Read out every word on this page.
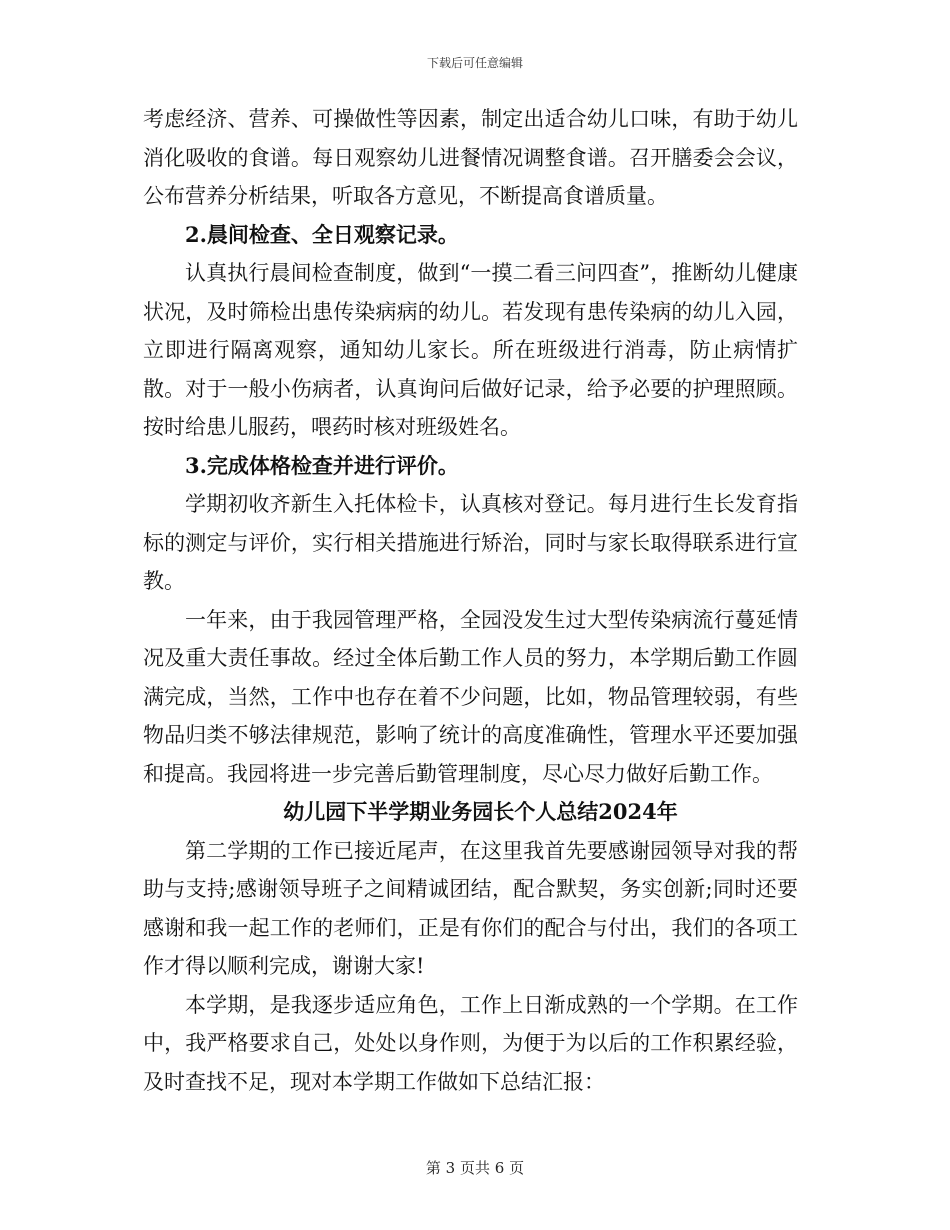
下载后可任意编辑

考虑经济、营养、可操做性等因素，制定出适合幼儿口味，有助于幼儿消化吸收的食谱。每日观察幼儿进餐情况调整食谱。召开膳委会会议，公布营养分析结果，听取各方意见，不断提高食谱质量。

2.晨间检查、全日观察记录。

认真执行晨间检查制度，做到“一摸二看三问四查”，推断幼儿健康状况，及时筛检出患传染病病的幼儿。若发现有患传染病的幼儿入园，立即进行隔离观察，通知幼儿家长。所在班级进行消毒，防止病情扩散。对于一般小伤病者，认真询问后做好记录，给予必要的护理照顾。按时给患儿服药，喂药时核对班级姓名。

3.完成体格检查并进行评价。

学期初收齐新生入托体检卡，认真核对登记。每月进行生长发育指标的测定与评价，实行相关措施进行矫治，同时与家长取得联系进行宣教。

一年来，由于我园管理严格，全园没发生过大型传染病流行蔓延情况及重大责任事故。经过全体后勤工作人员的努力，本学期后勤工作圆满完成，当然，工作中也存在着不少问题，比如，物品管理较弱，有些物品归类不够法律规范，影响了统计的高度准确性，管理水平还要加强和提高。我园将进一步完善后勤管理制度，尽心尽力做好后勤工作。

幼儿园下半学期业务园长个人总结2024年

第二学期的工作已接近尾声，在这里我首先要感谢园领导对我的帮助与支持;感谢领导班子之间精诚团结，配合默契，务实创新;同时还要感谢和我一起工作的老师们，正是有你们的配合与付出，我们的各项工作才得以顺利完成，谢谢大家!

本学期，是我逐步适应角色，工作上日渐成熟的一个学期。在工作中，我严格要求自己，处处以身作则，为便于为以后的工作积累经验，及时查找不足，现对本学期工作做如下总结汇报：

第 3 页共 6 页
